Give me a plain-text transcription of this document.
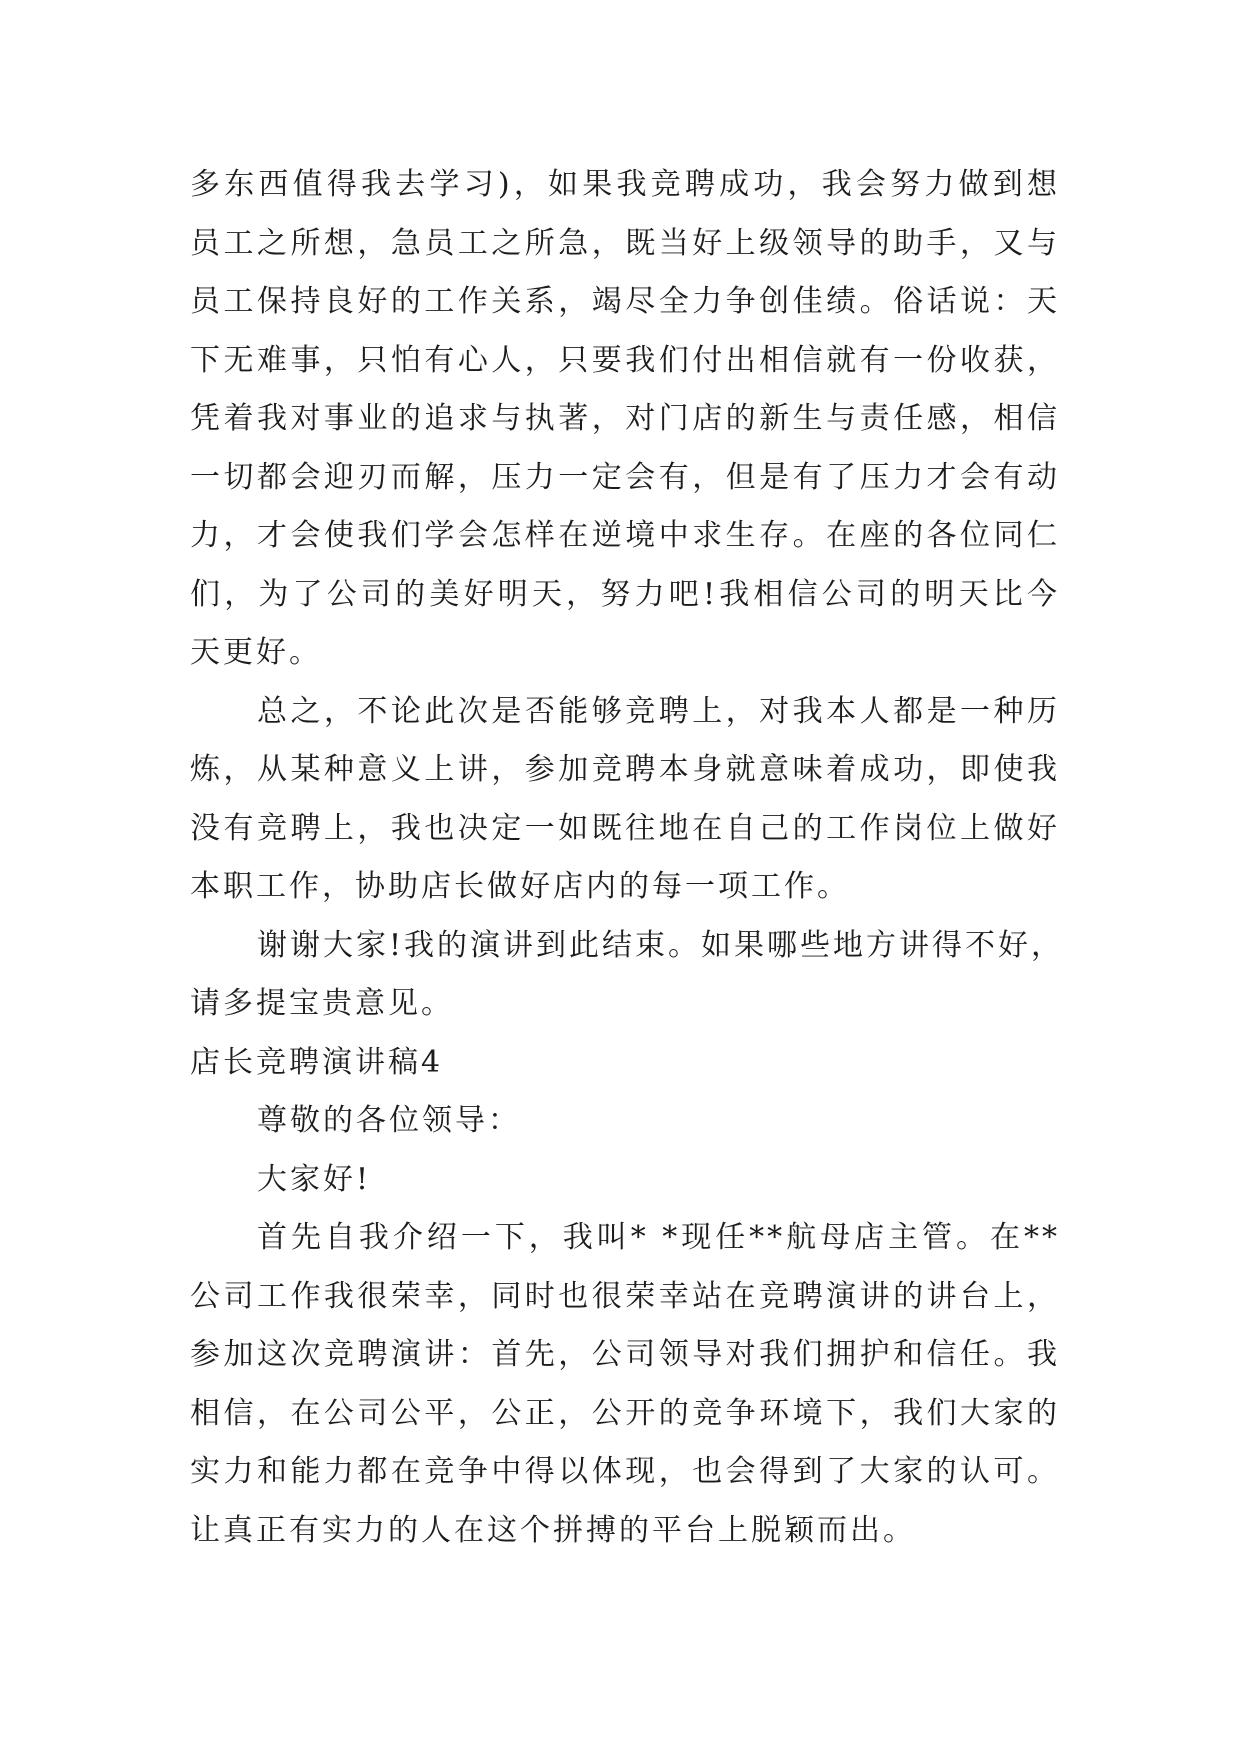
多东西值得我去学习)，如果我竞聘成功，我会努力做到想
员工之所想，急员工之所急，既当好上级领导的助手，又与
员工保持良好的工作关系，竭尽全力争创佳绩。俗话说：天
下无难事，只怕有心人，只要我们付出相信就有一份收获，
凭着我对事业的追求与执著，对门店的新生与责任感，相信
一切都会迎刃而解，压力一定会有，但是有了压力才会有动
力，才会使我们学会怎样在逆境中求生存。在座的各位同仁
们，为了公司的美好明天，努力吧!我相信公司的明天比今
天更好。
总之，不论此次是否能够竞聘上，对我本人都是一种历
炼，从某种意义上讲，参加竞聘本身就意味着成功，即使我
没有竞聘上，我也决定一如既往地在自己的工作岗位上做好
本职工作，协助店长做好店内的每一项工作。
谢谢大家!我的演讲到此结束。如果哪些地方讲得不好，
请多提宝贵意见。
店长竞聘演讲稿4
尊敬的各位领导：
大家好!
首先自我介绍一下，我叫* *现任**航母店主管。在**
公司工作我很荣幸，同时也很荣幸站在竞聘演讲的讲台上，
参加这次竞聘演讲：首先，公司领导对我们拥护和信任。我
相信，在公司公平，公正，公开的竞争环境下，我们大家的
实力和能力都在竞争中得以体现，也会得到了大家的认可。
让真正有实力的人在这个拼搏的平台上脱颖而出。
